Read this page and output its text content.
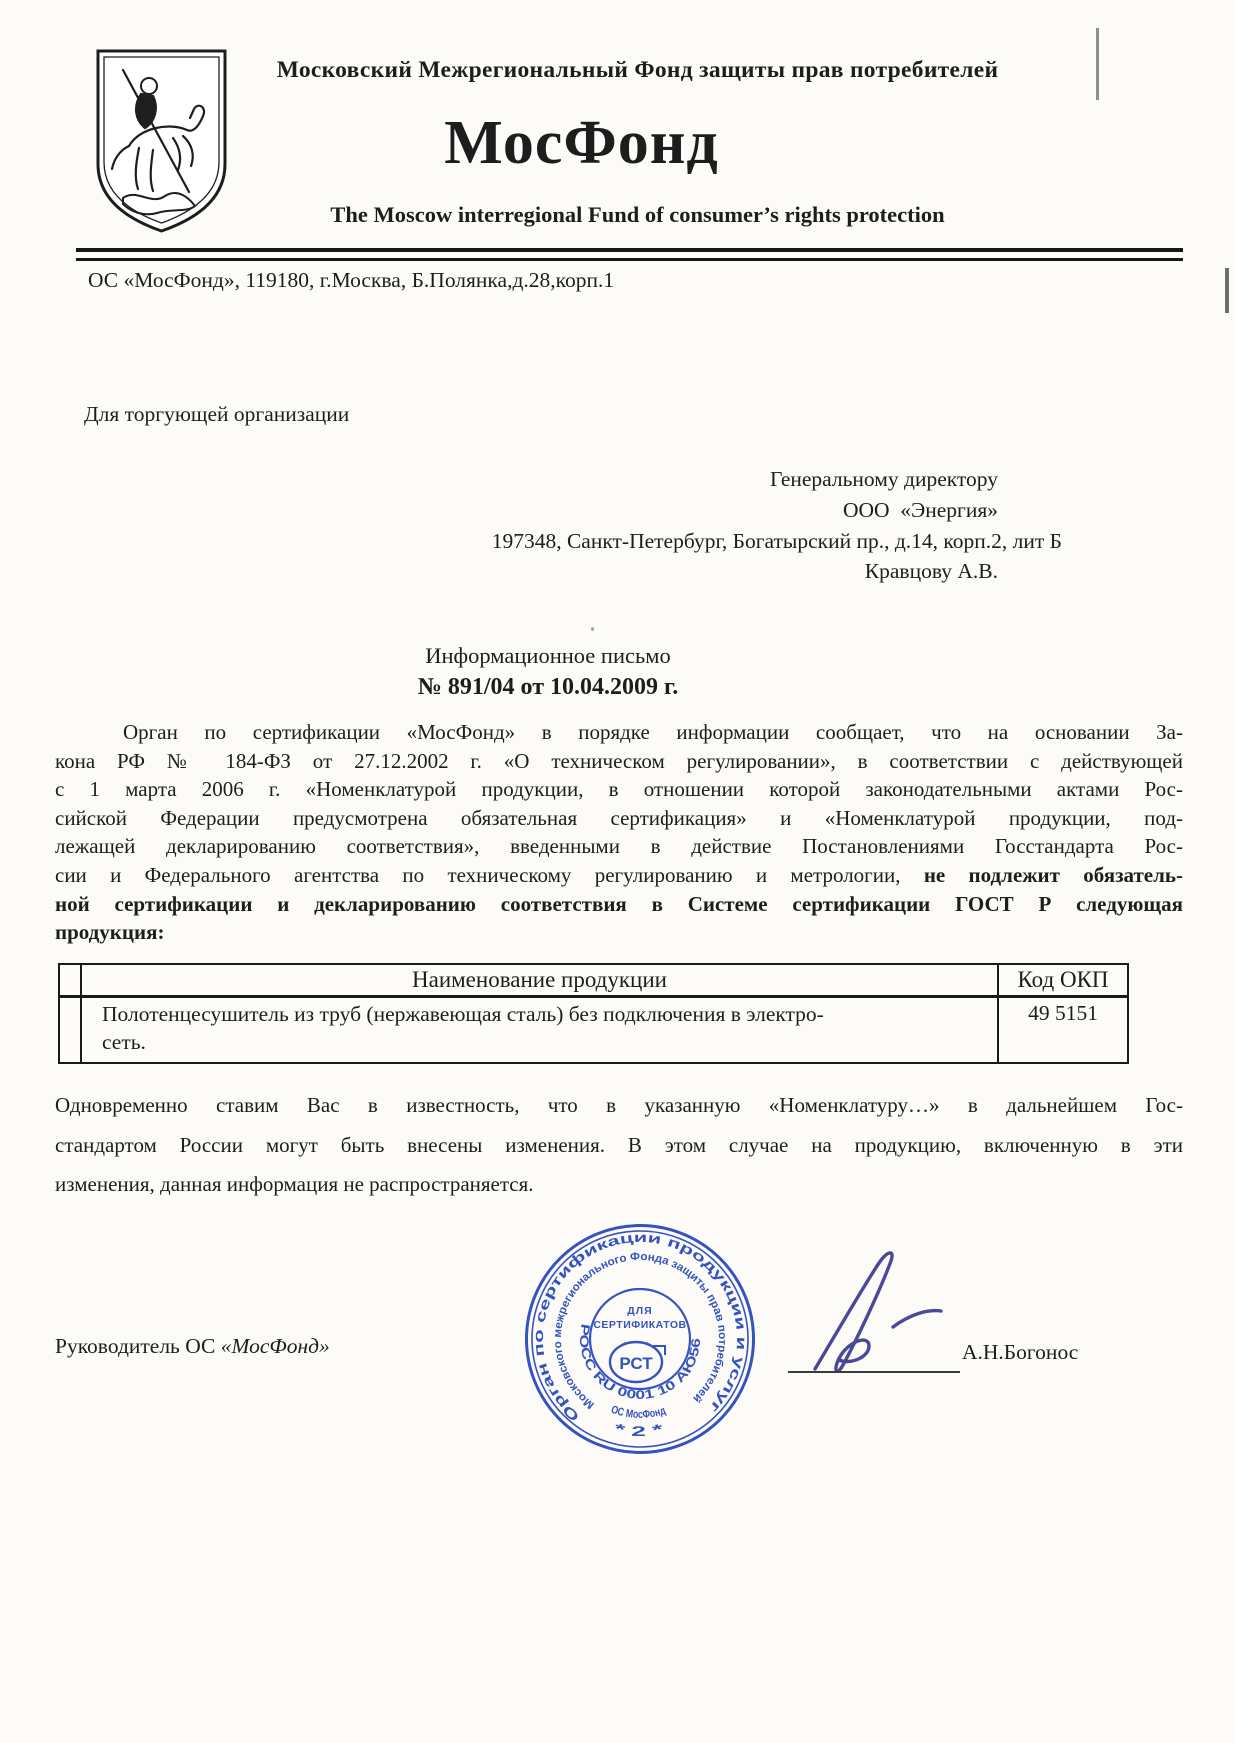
Московский Межрегиональный Фонд защиты прав потребителей
МосФонд
The Moscow interregional Fund of consumer’s rights protection
ОС «МосФонд», 119180, г.Москва, Б.Полянка,д.28,корп.1
Для торгующей организации
Генеральному директору
ООО  «Энергия»
197348, Санкт-Петербург, Богатырский пр., д.14, корп.2, лит Б
Кравцову А.В.
Информационное письмо
№ 891/04 от 10.04.2009 г.
Орган по сертификации «МосФонд» в порядке информации сообщает, что на основании За-
кона РФ № 184-ФЗ от 27.12.2002 г. «О техническом регулировании», в соответствии с действующей
с 1 марта 2006 г. «Номенклатурой продукции, в отношении которой законодательными актами Рос-
сийской Федерации предусмотрена обязательная сертификация» и «Номенклатурой продукции, под-
лежащей декларированию соответствия», введенными в действие Постановлениями Госстандарта Рос-
сии и Федерального агентства по техническому регулированию и метрологии, не подлежит обязатель-
ной сертификации и декларированию соответствия в Системе сертификации ГОСТ Р следующая
продукция:
	Наименование продукции	Код ОКП

	Полотенцесушитель из труб (нержавеющая сталь) без подключения в электро-
сеть.	49 5151
Одновременно ставим Вас в известность, что в указанную «Номенклатуру…» в дальнейшем Гос-
стандартом России могут быть внесены изменения. В этом случае на продукцию, включенную в эти
изменения, данная информация не распространяется.
Орган по сертификации продукции и услуг
* 2 *
Московского межрегионального Фонда защиты прав потребителей
ОС МосФонд
РОСС RU 0001 10 АЮ56
ДЛЯ
СЕРТИФИКАТОВ
РСТ
Руководитель ОС «МосФонд»	А.Н.Богонос
